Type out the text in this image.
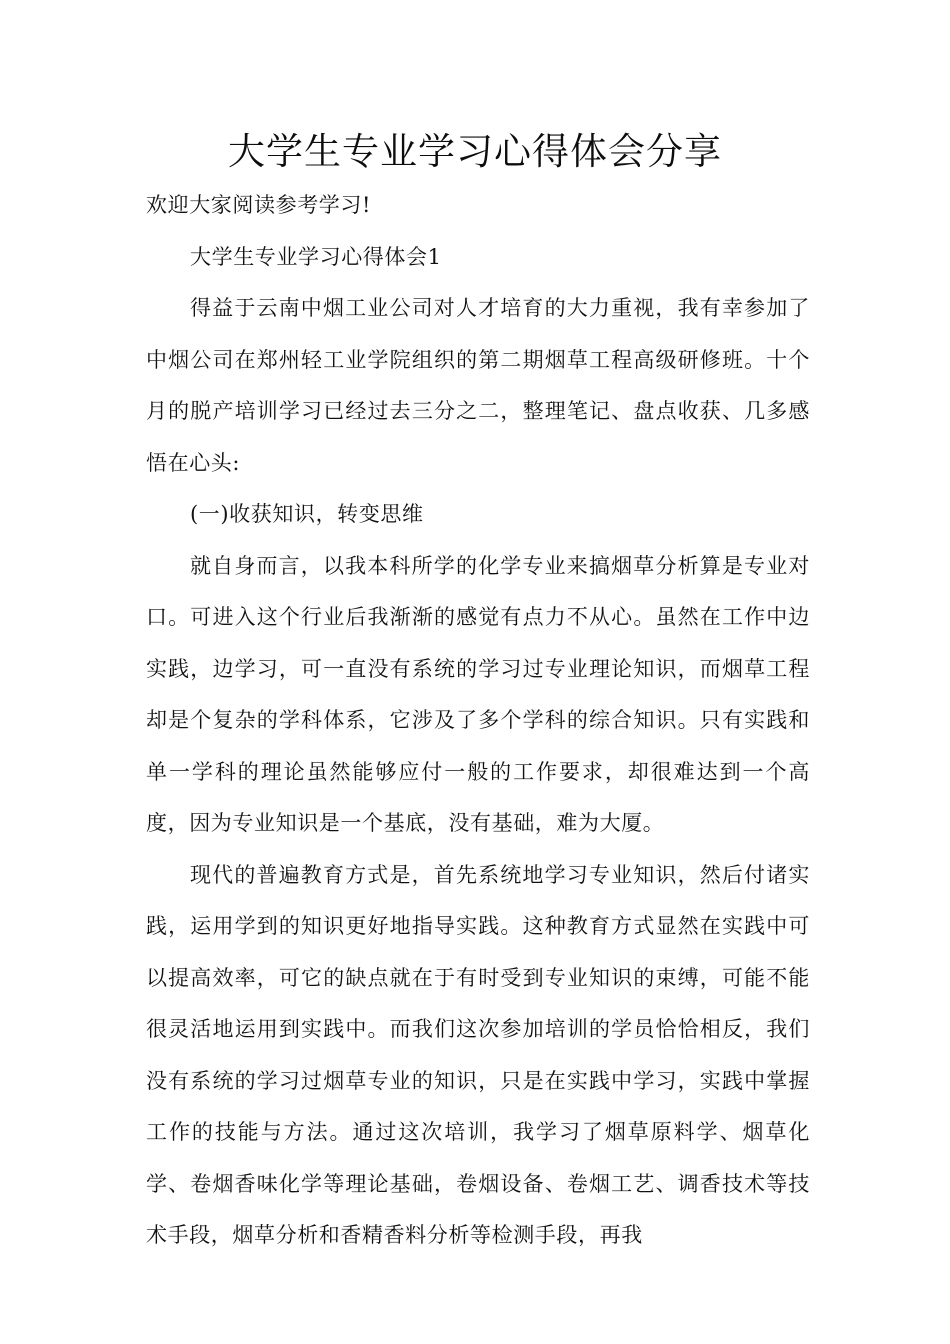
大学生专业学习心得体会分享

欢迎大家阅读参考学习!

大学生专业学习心得体会1

得益于云南中烟工业公司对人才培育的大力重视，我有幸参加了中烟公司在郑州轻工业学院组织的第二期烟草工程高级研修班。十个月的脱产培训学习已经过去三分之二，整理笔记、盘点收获、几多感悟在心头:

(一)收获知识，转变思维

就自身而言，以我本科所学的化学专业来搞烟草分析算是专业对口。可进入这个行业后我渐渐的感觉有点力不从心。虽然在工作中边实践，边学习，可一直没有系统的学习过专业理论知识，而烟草工程却是个复杂的学科体系，它涉及了多个学科的综合知识。只有实践和单一学科的理论虽然能够应付一般的工作要求，却很难达到一个高度，因为专业知识是一个基底，没有基础，难为大厦。

现代的普遍教育方式是，首先系统地学习专业知识，然后付诸实践，运用学到的知识更好地指导实践。这种教育方式显然在实践中可以提高效率，可它的缺点就在于有时受到专业知识的束缚，可能不能很灵活地运用到实践中。而我们这次参加培训的学员恰恰相反，我们没有系统的学习过烟草专业的知识，只是在实践中学习，实践中掌握工作的技能与方法。通过这次培训，我学习了烟草原料学、烟草化学、卷烟香味化学等理论基础，卷烟设备、卷烟工艺、调香技术等技术手段，烟草分析和香精香料分析等检测手段，再我
